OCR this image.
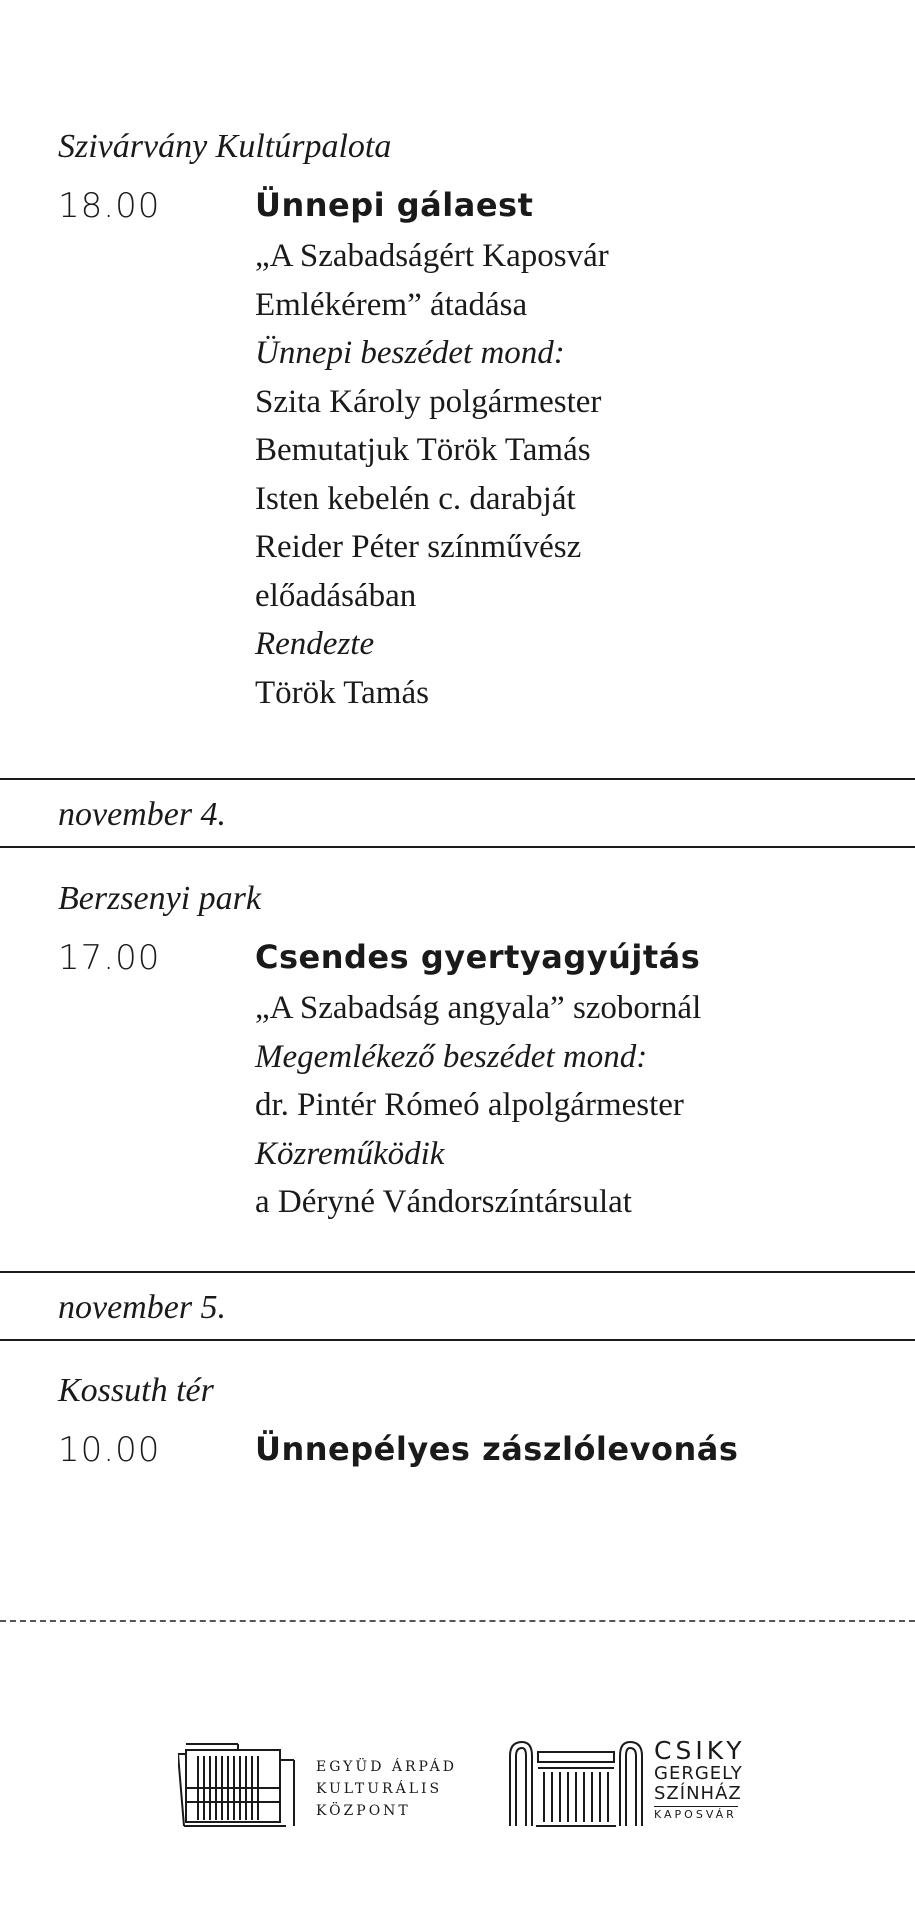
Szivárvány Kultúrpalota
18.00	Ünnepi gálaest
„A Szabadságért Kaposvár
Emlékérem” átadása
Ünnepi beszédet mond:
Szita Károly polgármester
Bemutatjuk Török Tamás
Isten kebelén c. darabját
Reider Péter színművész
előadásában
Rendezte
Török Tamás
november 4.
Berzsenyi park
17.00	Csendes gyertyagyújtás
„A Szabadság angyala” szobornál
Megemlékező beszédet mond:
dr. Pintér Rómeó alpolgármester
Közreműködik
a Déryné Vándorszíntársulat
november 5.
Kossuth tér
10.00	Ünnepélyes zászlólevonás
EGYÜD ÁRPÁD
KULTURÁLIS
KÖZPONT
CSIKY
GERGELY
SZÍNHÁZ
KAPOSVÁR
